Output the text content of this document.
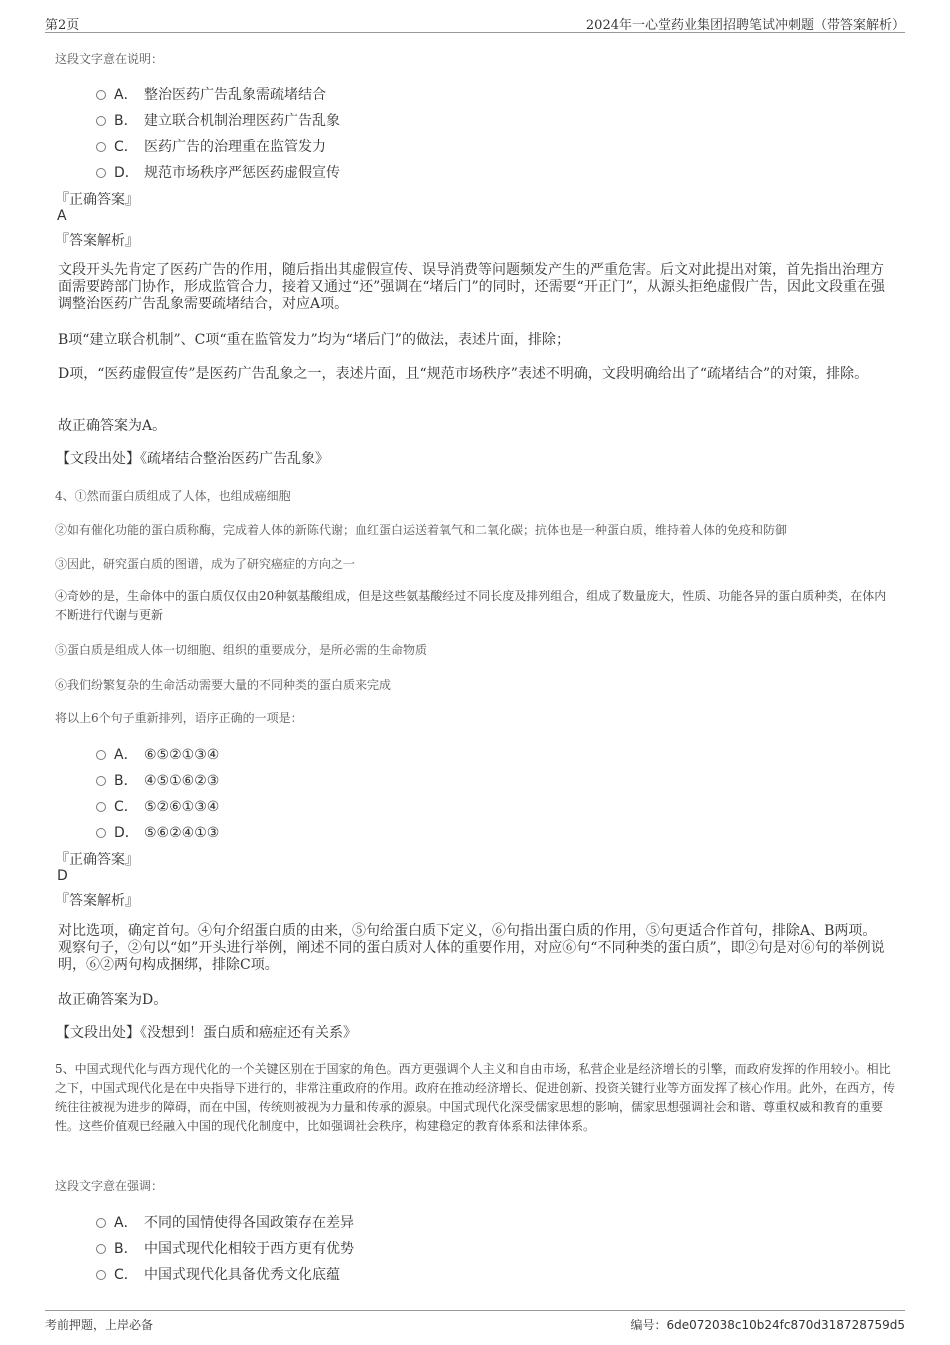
第2页	2024年一心堂药业集团招聘笔试冲刺题（带答案解析）
这段文字意在说明：
A． 整治医药广告乱象需疏堵结合
B． 建立联合机制治理医药广告乱象
C． 医药广告的治理重在监管发力
D． 规范市场秩序严惩医药虚假宣传
『正确答案』
A
『答案解析』
文段开头先肯定了医药广告的作用，随后指出其虚假宣传、误导消费等问题频发产生的严重危害。后文对此提出对策，首先指出治理方面需要跨部门协作，形成监管合力，接着又通过“还”强调在“堵后门”的同时，还需要“开正门”，从源头拒绝虚假广告，因此文段重在强调整治医药广告乱象需要疏堵结合，对应A项。
B项“建立联合机制”、C项“重在监管发力”均为“堵后门”的做法，表述片面，排除；
D项，“医药虚假宣传”是医药广告乱象之一，表述片面，且“规范市场秩序”表述不明确，文段明确给出了“疏堵结合”的对策，排除。
故正确答案为A。
【文段出处】《疏堵结合整治医药广告乱象》
4、①然而蛋白质组成了人体，也组成癌细胞
②如有催化功能的蛋白质称酶，完成着人体的新陈代谢；血红蛋白运送着氧气和二氧化碳；抗体也是一种蛋白质，维持着人体的免疫和防御
③因此，研究蛋白质的图谱，成为了研究癌症的方向之一
④奇妙的是，生命体中的蛋白质仅仅由20种氨基酸组成，但是这些氨基酸经过不同长度及排列组合，组成了数量庞大，性质、功能各异的蛋白质种类，在体内不断进行代谢与更新
⑤蛋白质是组成人体一切细胞、组织的重要成分，是所必需的生命物质
⑥我们纷繁复杂的生命活动需要大量的不同种类的蛋白质来完成
将以上6个句子重新排列，语序正确的一项是：
A． ⑥⑤②①③④
B． ④⑤①⑥②③
C． ⑤②⑥①③④
D． ⑤⑥②④①③
『正确答案』
D
『答案解析』
对比选项，确定首句。④句介绍蛋白质的由来，⑤句给蛋白质下定义，⑥句指出蛋白质的作用，⑤句更适合作首句，排除A、B两项。观察句子，②句以“如”开头进行举例，阐述不同的蛋白质对人体的重要作用，对应⑥句“不同种类的蛋白质”，即②句是对⑥句的举例说明，⑥②两句构成捆绑，排除C项。
故正确答案为D。
【文段出处】《没想到！蛋白质和癌症还有关系》
5、中国式现代化与西方现代化的一个关键区别在于国家的角色。西方更强调个人主义和自由市场，私营企业是经济增长的引擎，而政府发挥的作用较小。相比之下，中国式现代化是在中央指导下进行的，非常注重政府的作用。政府在推动经济增长、促进创新、投资关键行业等方面发挥了核心作用。此外，在西方，传统往往被视为进步的障碍，而在中国，传统则被视为力量和传承的源泉。中国式现代化深受儒家思想的影响，儒家思想强调社会和谐、尊重权威和教育的重要性。这些价值观已经融入中国的现代化制度中，比如强调社会秩序，构建稳定的教育体系和法律体系。
这段文字意在强调：
A． 不同的国情使得各国政策存在差异
B． 中国式现代化相较于西方更有优势
C． 中国式现代化具备优秀文化底蕴
考前押题，上岸必备	编号：6de072038c10b24fc870d318728759d5
